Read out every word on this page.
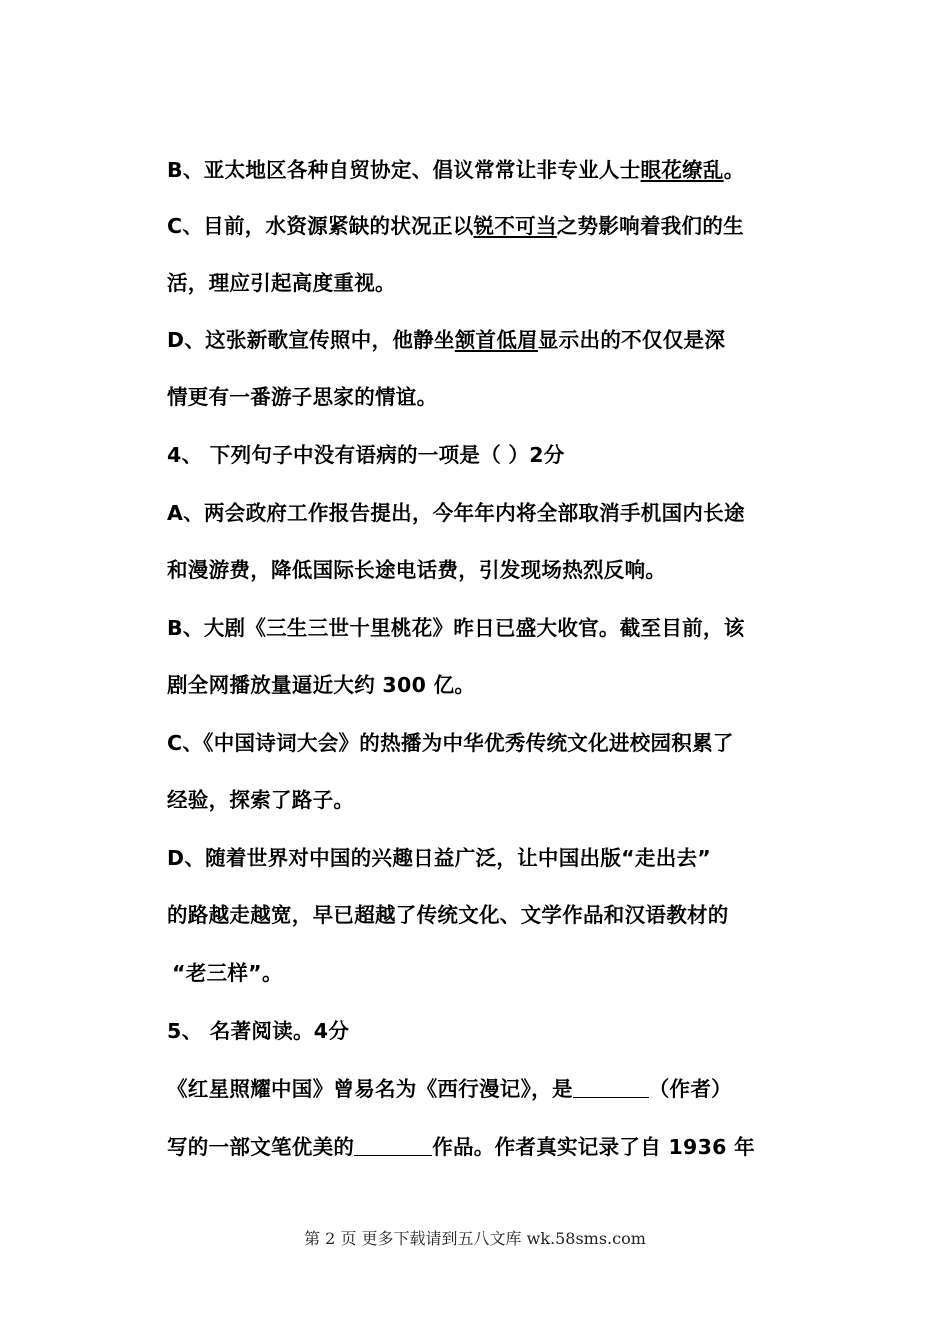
B、亚太地区各种自贸协定、倡议常常让非专业人士眼花缭乱。
C、目前，水资源紧缺的状况正以锐不可当之势影响着我们的生
活，理应引起高度重视。
D、这张新歌宣传照中，他静坐颔首低眉显示出的不仅仅是深
情更有一番游子思家的情谊。
4、 下列句子中没有语病的一项是（ ）2分
A、两会政府工作报告提出，今年年内将全部取消手机国内长途
和漫游费，降低国际长途电话费，引发现场热烈反响。
B、大剧《三生三世十里桃花》昨日已盛大收官。截至目前，该
剧全网播放量逼近大约 300 亿。
C、《中国诗词大会》的热播为中华优秀传统文化进校园积累了
经验，探索了路子。
D、随着世界对中国的兴趣日益广泛，让中国出版“走出去”
的路越走越宽，早已超越了传统文化、文学作品和汉语教材的
“老三样”。
5、 名著阅读。4分
《红星照耀中国》曾易名为《西行漫记》，是	（作者）
写的一部文笔优美的	作品。作者真实记录了自 1936 年
第 2 页 更多下载请到五八文库 wk.58sms.com
